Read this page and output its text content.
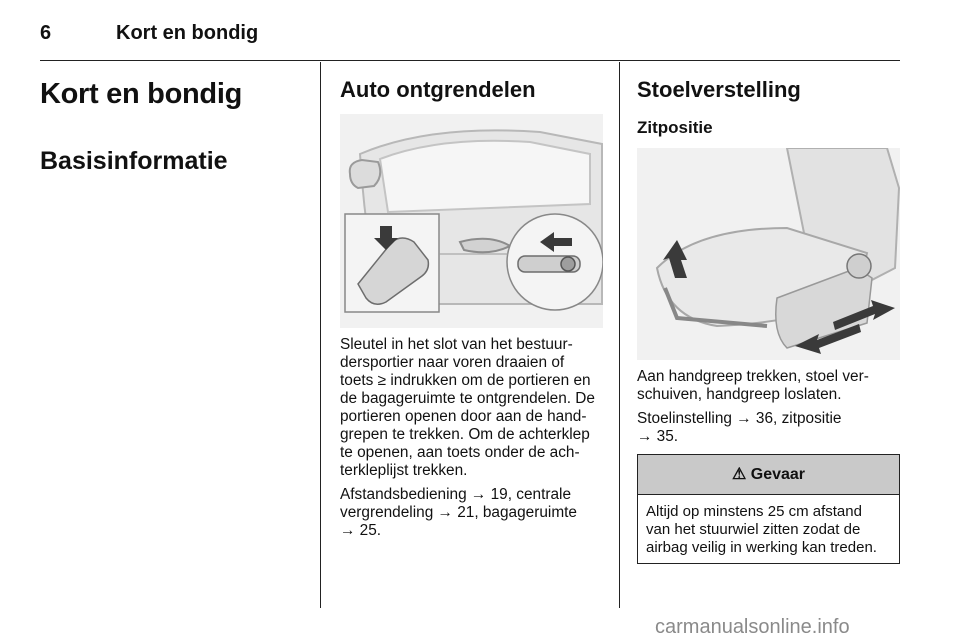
6	Kort en bondig
Kort en bondig
Basisinformatie
Auto ontgrendelen

Sleutel in het slot van het bestuur-
dersportier naar voren draaien of
toets ≥ indrukken om de portieren en
de bagageruimte te ontgrendelen. De
portieren openen door aan de hand-
grepen te trekken. Om de achterklep
te openen, aan toets onder de ach-
terkleplijst trekken.

Afstandsbediening → 19, centrale
vergrendeling → 21, bagageruimte
→ 25.

Stoelverstelling
Zitpositie

Aan handgreep trekken, stoel ver-
schuiven, handgreep loslaten.

Stoelinstelling → 36, zitpositie
→ 35.

⚠ Gevaar
Altijd op minstens 25 cm afstand
van het stuurwiel zitten zodat de
airbag veilig in werking kan treden.
carmanualsonline.info
